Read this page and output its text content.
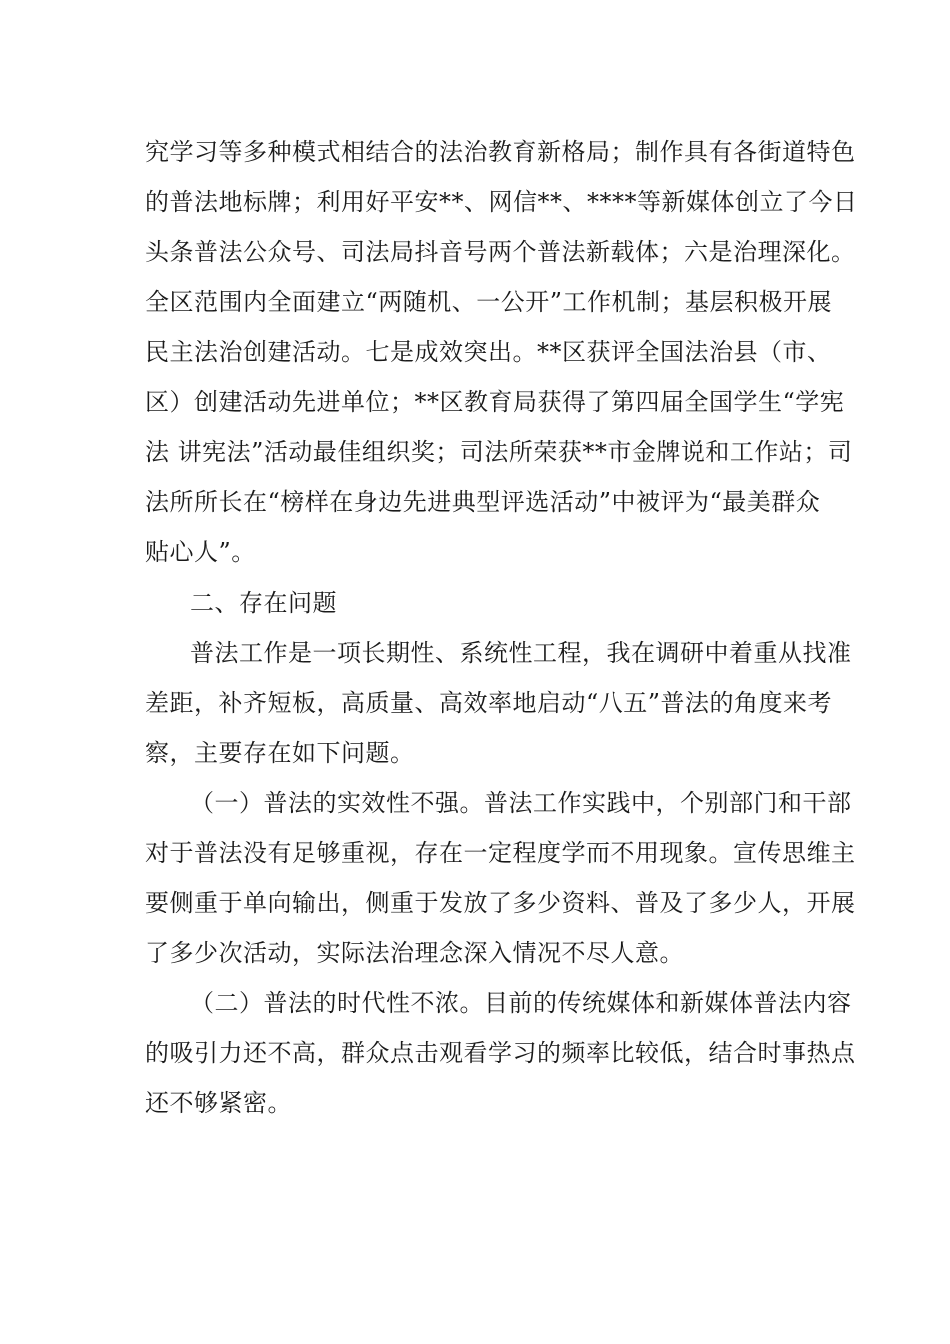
究学习等多种模式相结合的法治教育新格局；制作具有各街道特色
的普法地标牌；利用好平安**、网信**、****等新媒体创立了今日
头条普法公众号、司法局抖音号两个普法新载体；六是治理深化。
全区范围内全面建立“两随机、一公开”工作机制；基层积极开展
民主法治创建活动。七是成效突出。**区获评全国法治县（市、
区）创建活动先进单位；**区教育局获得了第四届全国学生“学宪
法 讲宪法”活动最佳组织奖；司法所荣获**市金牌说和工作站；司
法所所长在“榜样在身边先进典型评选活动”中被评为“最美群众
贴心人”。
二、存在问题
普法工作是一项长期性、系统性工程，我在调研中着重从找准
差距，补齐短板，高质量、高效率地启动“八五”普法的角度来考
察，主要存在如下问题。
（一）普法的实效性不强。普法工作实践中，个别部门和干部
对于普法没有足够重视，存在一定程度学而不用现象。宣传思维主
要侧重于单向输出，侧重于发放了多少资料、普及了多少人，开展
了多少次活动，实际法治理念深入情况不尽人意。
（二）普法的时代性不浓。目前的传统媒体和新媒体普法内容
的吸引力还不高，群众点击观看学习的频率比较低，结合时事热点
还不够紧密。
